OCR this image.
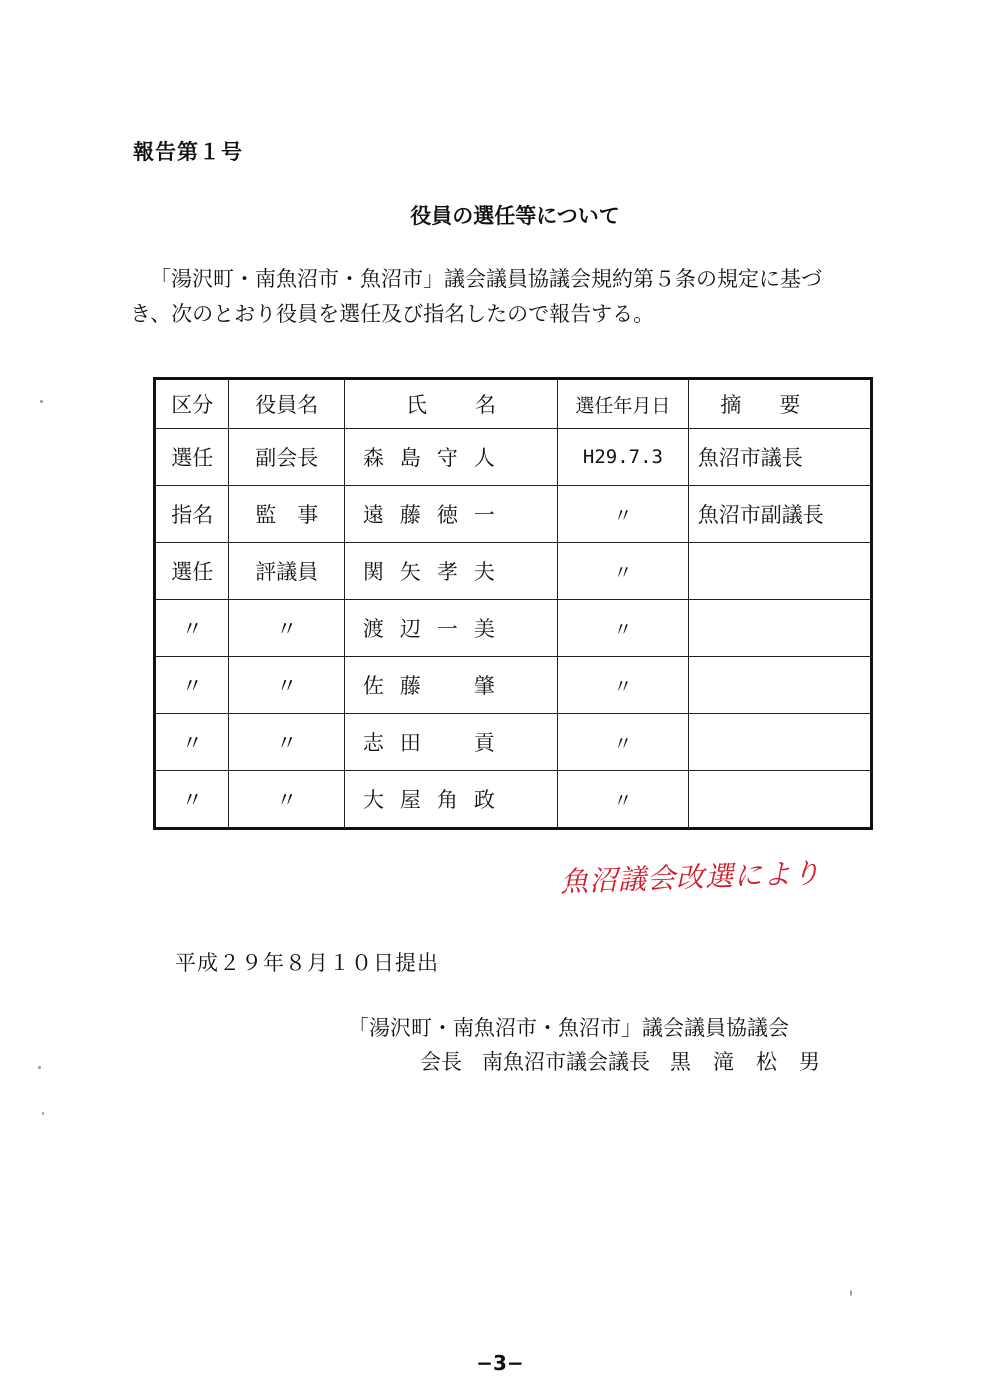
報告第１号
役員の選任等について
「湯沢町・南魚沼市・魚沼市」議会議員協議会規約第５条の規定に基づ
き、次のとおり役員を選任及び指名したので報告する。
区分	役員名	氏名	選任年月日	摘要
選任	副会長	森島守人	H29.7.3	魚沼市議長
指名	監　事	遠藤徳一	〃	魚沼市副議長
選任	評議員	関矢孝夫	〃	
〃	〃	渡辺一美	〃	
〃	〃	佐藤　肇	〃	
〃	〃	志田　貢	〃	
〃	〃	大屋角政	〃	
魚沼議会改選により
平成２９年８月１０日提出
「湯沢町・南魚沼市・魚沼市」議会議員協議会
会長 南魚沼市議会議長 黒滝松男
−3−
